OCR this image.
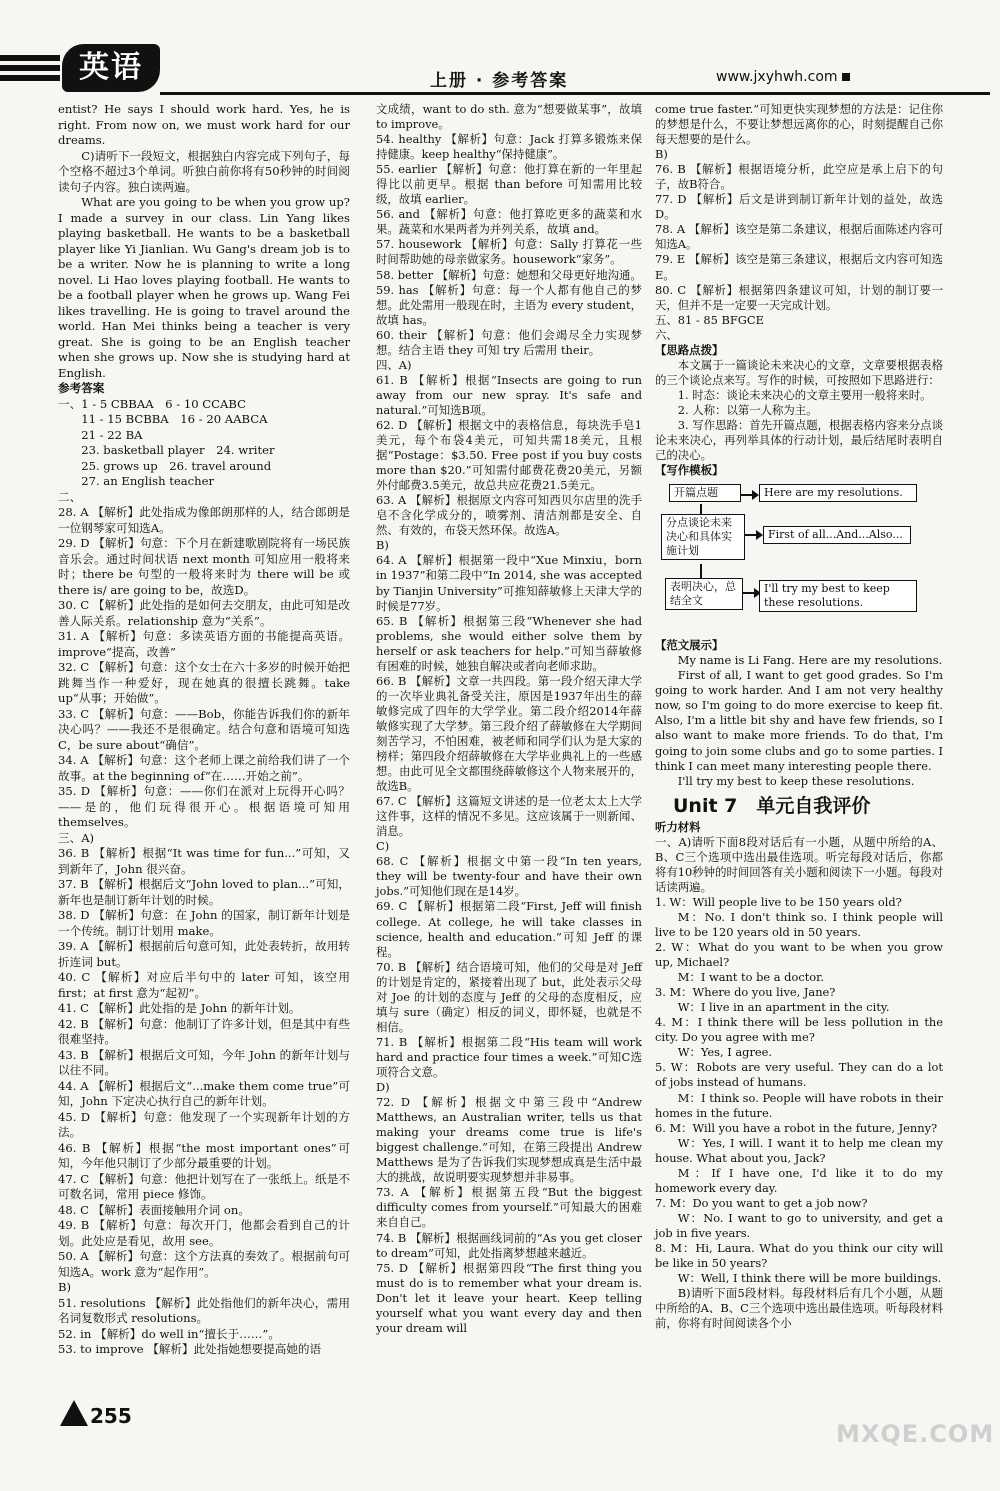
英语	上册 · 参考答案	www.jxyhwh.com

entist? He says I should work hard. Yes, he is right. From now on, we must work hard for our dreams.

C)请听下一段短文，根据独白内容完成下列句子，每个空格不超过3个单词。听独白前你将有50秒钟的时间阅读句子内容。独白读两遍。

What are you going to be when you grow up? I made a survey in our class. Lin Yang likes playing basketball. He wants to be a basketball player like Yi Jianlian. Wu Gang's dream job is to be a writer. Now he is planning to write a long novel. Li Hao loves playing football. He wants to be a football player when he grows up. Wang Fei likes travelling. He is going to travel around the world. Han Mei thinks being a teacher is very great. She is going to be an English teacher when she grows up. Now she is studying hard at English.

参考答案

一、1 - 5 CBBAA　6 - 10 CCABC

11 - 15 BCBBA　16 - 20 AABCA

21 - 22 BA

23. basketball player　24. writer

25. grows up　26. travel around

27. an English teacher

二、

28. A 【解析】此处指成为像郎朗那样的人，结合郎朗是一位钢琴家可知选A。

29. D 【解析】句意：下个月在新建歌剧院将有一场民族音乐会。通过时间状语 next month 可知应用一般将来时；there be 句型的一般将来时为 there will be 或 there is/ are going to be，故选D。

30. C 【解析】此处指的是如何去交朋友，由此可知是改善人际关系。relationship 意为“关系”。

31. A 【解析】句意：多读英语方面的书能提高英语。improve“提高，改善”

32. C 【解析】句意：这个女士在六十多岁的时候开始把跳舞当作一种爱好，现在她真的很擅长跳舞。take up“从事；开始做”。

33. C 【解析】句意：——Bob，你能告诉我们你的新年决心吗？——我还不是很确定。结合句意和语境可知选C，be sure about“确信”。

34. A 【解析】句意：这个老师上课之前给我们讲了一个故事。at the beginning of“在……开始之前”。

35. D 【解析】句意：——你们在派对上玩得开心吗？——是的，他们玩得很开心。根据语境可知用 themselves。

三、A)

36. B 【解析】根据“It was time for fun...”可知，又到新年了，John 很兴奋。

37. B 【解析】根据后文“John loved to plan...”可知，新年也是制订新年计划的时候。

38. D 【解析】句意：在 John 的国家，制订新年计划是一个传统。制订计划用 make。

39. A 【解析】根据前后句意可知，此处表转折，故用转折连词 but。

40. C 【解析】对应后半句中的 later 可知，该空用 first；at first 意为“起初”。

41. C 【解析】此处指的是 John 的新年计划。

42. B 【解析】句意：他制订了许多计划，但是其中有些很难坚持。

43. B 【解析】根据后文可知，今年 John 的新年计划与以往不同。

44. A 【解析】根据后文“...make them come true”可知，John 下定决心执行自己的新年计划。

45. D 【解析】句意：他发现了一个实现新年计划的方法。

46. B 【解析】根据“the most important ones”可知，今年他只制订了少部分最重要的计划。

47. C 【解析】句意：他把计划写在了一张纸上。纸是不可数名词，常用 piece 修饰。

48. C 【解析】表面接触用介词 on。

49. B 【解析】句意：每次开门，他都会看到自己的计划。此处应是看见，故用 see。

50. A 【解析】句意：这个方法真的奏效了。根据前句可知选A。work 意为“起作用”。

B)

51. resolutions 【解析】此处指他们的新年决心，需用名词复数形式 resolutions。

52. in 【解析】do well in“擅长于……”。

53. to improve 【解析】此处指她想要提高她的语

文成绩，want to do sth. 意为“想要做某事”，故填 to improve。

54. healthy 【解析】句意：Jack 打算多锻炼来保持健康。keep healthy“保持健康”。

55. earlier 【解析】句意：他打算在新的一年里起得比以前更早。根据 than before 可知需用比较级，故填 earlier。

56. and 【解析】句意：他打算吃更多的蔬菜和水果。蔬菜和水果两者为并列关系，故填 and。

57. housework 【解析】句意：Sally 打算花一些时间帮助她的母亲做家务。housework“家务”。

58. better 【解析】句意：她想和父母更好地沟通。

59. has 【解析】句意：每一个人都有他自己的梦想。此处需用一般现在时，主语为 every student，故填 has。

60. their 【解析】句意：他们会竭尽全力实现梦想。结合主语 they 可知 try 后需用 their。

四、A)

61. B 【解析】根据“Insects are going to run away from our new spray. It's safe and natural.”可知选B项。

62. D 【解析】根据文中的表格信息，每块洗手皂1美元，每个布袋4美元，可知共需18美元，且根据“Postage：$3.50. Free post if you buy costs more than $20.”可知需付邮费花费20美元，另额外付邮费3.5美元，故总共应花费21.5美元。

63. A 【解析】根据原文内容可知西贝尔店里的洗手皂不含化学成分的，喷雾剂、清洁剂都是安全、自然、有效的，布袋天然环保。故选A。

B)

64. A 【解析】根据第一段中“Xue Minxiu，born in 1937”和第二段中“In 2014, she was accepted by Tianjin University”可推知薛敏修上天津大学的时候是77岁。

65. B 【解析】根据第三段“Whenever she had problems, she would either solve them by herself or ask teachers for help.”可知当薛敏修有困难的时候，她独自解决或者向老师求助。

66. B 【解析】文章一共四段。第一段介绍天津大学的一次毕业典礼备受关注，原因是1937年出生的薛敏修完成了四年的大学学业。第二段介绍2014年薛敏修实现了大学梦。第三段介绍了薛敏修在大学期间刻苦学习，不怕困难，被老师和同学们认为是大家的榜样；第四段介绍薛敏修在大学毕业典礼上的一些感想。由此可见全文都围绕薛敏修这个人物来展开的，故选B。

67. C 【解析】这篇短文讲述的是一位老太太上大学这件事，这样的情况不多见。这应该属于一则新闻、消息。

C)

68. C 【解析】根据文中第一段“In ten years, they will be twenty-four and have their own jobs.”可知他们现在是14岁。

69. C 【解析】根据第二段“First, Jeff will finish college. At college, he will take classes in science, health and education.”可知 Jeff 的课程。

70. B 【解析】结合语境可知，他们的父母是对 Jeff 的计划是肯定的，紧接着出现了 but，此处表示父母对 Joe 的计划的态度与 Jeff 的父母的态度相反，应填与 sure（确定）相反的词义，即怀疑，也就是不相信。

71. B 【解析】根据第二段“His team will work hard and practice four times a week.”可知C选项符合文意。

D)

72. D 【解析】根据文中第三段中“Andrew Matthews, an Australian writer, tells us that making your dreams come true is life's biggest challenge.”可知，在第三段提出 Andrew Matthews 是为了告诉我们实现梦想成真是生活中最大的挑战，故说明要实现梦想并非易事。

73. A 【解析】根据第五段“But the biggest difficulty comes from yourself.”可知最大的困难来自自己。

74. B 【解析】根据画线词前的“As you get closer to dream”可知，此处指离梦想越来越近。

75. D 【解析】根据第四段“The first thing you must do is to remember what your dream is. Don't let it leave your heart. Keep telling yourself what you want every day and then your dream will

come true faster.”可知更快实现梦想的方法是：记住你的梦想是什么，不要让梦想远离你的心，时刻提醒自己你每天想要的是什么。

B)

76. B 【解析】根据语境分析，此空应是承上启下的句子，故B符合。

77. D 【解析】后文是讲到制订新年计划的益处，故选D。

78. A 【解析】该空是第二条建议，根据后面陈述内容可知选A。

79. E 【解析】该空是第三条建议，根据后文内容可知选E。

80. C 【解析】根据第四条建议可知，计划的制订要一天，但并不是一定要一天完成计划。

五、81 - 85 BFGCE

六、

【思路点拨】

本文属于一篇谈论未来决心的文章，文章要根据表格的三个谈论点来写。写作的时候，可按照如下思路进行：

1. 时态：谈论未来决心的文章主要用一般将来时。

2. 人称：以第一人称为主。

3. 写作思路：首先开篇点题，根据表格内容来分点谈论未来决心，再列举具体的行动计划，最后结尾时表明自己的决心。

【写作模板】

开篇点题	Here are my resolutions.
分点谈论未来决心和具体实施计划
First of all...And...Also...
表明决心，总结全文
I'll try my best to keep these resolutions.

【范文展示】

My name is Li Fang. Here are my resolutions.

First of all, I want to get good grades. So I'm going to work harder. And I am not very healthy now, so I'm going to do more exercise to keep fit. Also, I'm a little bit shy and have few friends, so I also want to make more friends. To do that, I'm going to join some clubs and go to some parties. I think I can meet many interesting people there.

I'll try my best to keep these resolutions.

Unit 7　单元自我评价

听力材料

一、A)请听下面8段对话后有一小题，从题中所给的A、B、C三个选项中选出最佳选项。听完每段对话后，你都将有10秒钟的时间回答有关小题和阅读下一小题。每段对话读两遍。

1. W：Will people live to be 150 years old?

M：No. I don't think so. I think people will live to be 120 years old in 50 years.

2. W：What do you want to be when you grow up, Michael?

M：I want to be a doctor.

3. M：Where do you live, Jane?

W：I live in an apartment in the city.

4. M：I think there will be less pollution in the city. Do you agree with me?

W：Yes, I agree.

5. W：Robots are very useful. They can do a lot of jobs instead of humans.

M：I think so. People will have robots in their homes in the future.

6. M：Will you have a robot in the future, Jenny?

W：Yes, I will. I want it to help me clean my house. What about you, Jack?

M：If I have one, I'd like it to do my homework every day.

7. M：Do you want to get a job now?

W：No. I want to go to university, and get a job in five years.

8. M：Hi, Laura. What do you think our city will be like in 50 years?

W：Well, I think there will be more buildings.

B)请听下面5段材料。每段材料后有几个小题，从题中所给的A、B、C三个选项中选出最佳选项。听每段材料前，你将有时间阅读各个小

255
MXQE.COM
